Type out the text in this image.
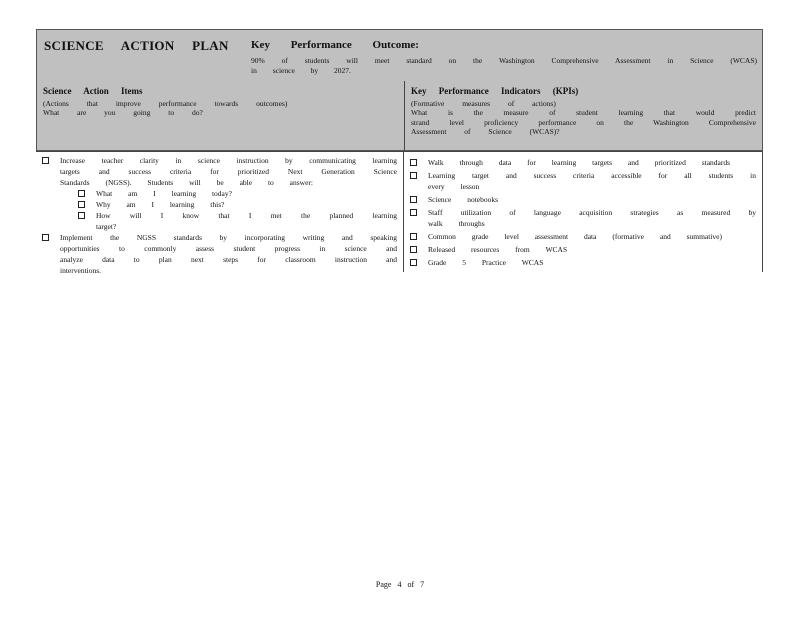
SCIENCE ACTION PLAN Key Performance Outcome:
90% of students will meet standard on the Washington Comprehensive Assessment in Science (WCAS) in science by 2027.
Science Action Items
(Actions that improve performance towards outcomes)
What are you going to do?
Key Performance Indicators (KPIs)
(Formative measures of actions)
What is the measure of student learning that would predict strand level proficiency performance on the Washington Comprehensive Assessment of Science (WCAS)?
Increase teacher clarity in science instruction by communicating learning targets and success criteria for prioritized Next Generation Science Standards (NGSS). Students will be able to answer:
What am I learning today?
Why am I learning this?
How will I know that I met the planned learning target?
Implement the NGSS standards by incorporating writing and speaking opportunities to commonly assess student progress in science and analyze data to plan next steps for classroom instruction and interventions.
Walk through data for learning targets and prioritized standards
Learning target and success criteria accessible for all students in every lesson
Science notebooks
Staff utilization of language acquisition strategies as measured by walk throughs
Common grade level assessment data (formative and summative)
Released resources from WCAS
Grade 5 Practice WCAS
Page 4 of 7
